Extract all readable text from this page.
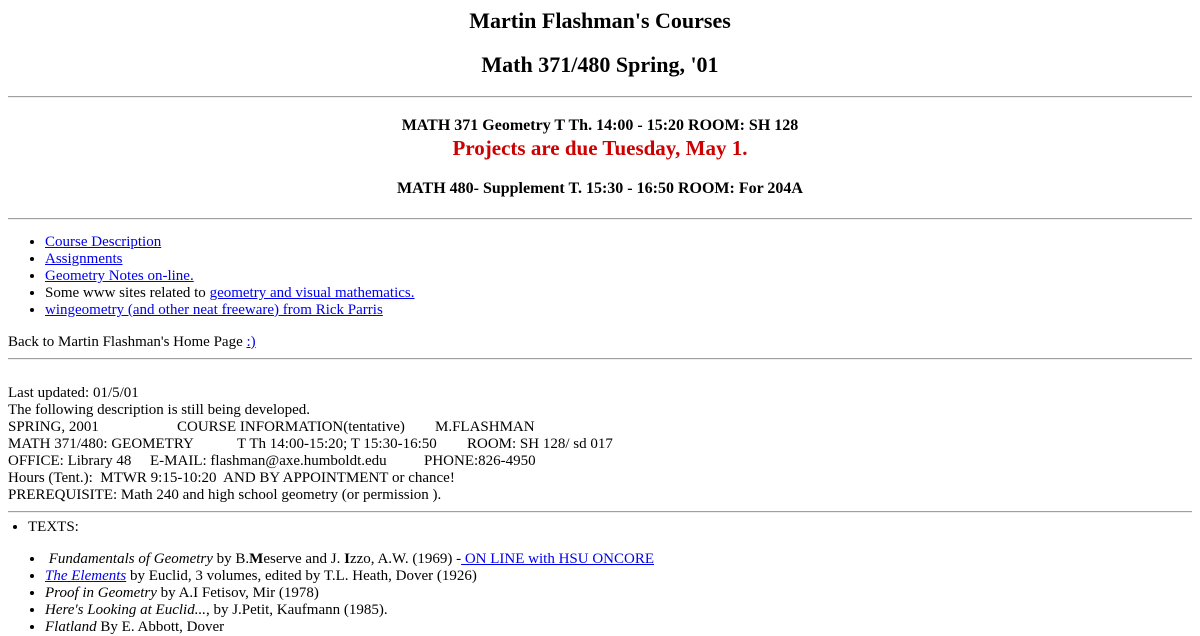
Martin Flashman's Courses
Math 371/480 Spring, '01
MATH 371 Geometry T Th. 14:00 - 15:20 ROOM: SH 128
Projects are due Tuesday, May 1.
MATH 480- Supplement T. 15:30 - 16:50 ROOM: For 204A
• Course Description
• Assignments
• Geometry Notes on-line.
• Some www sites related to geometry and visual mathematics.
• wingeometry (and other neat freeware) from Rick Parris
Back to Martin Flashman's Home Page :)
Last updated: 01/5/01
The following description is still being developed.
SPRING, 2001	COURSE INFORMATION(tentative) M.FLASHMAN
MATH 371/480: GEOMETRY	T Th 14:00-15:20; T 15:30-16:50 ROOM: SH 128/ sd 017
OFFICE: Library 48 E-MAIL: flashman@axe.humboldt.edu PHONE:826-4950
Hours (Tent.):  MTWR 9:15-10:20  AND BY APPOINTMENT or chance!
PREREQUISITE: Math 240 and high school geometry (or permission ).
• TEXTS:
• Fundamentals of Geometry by B.Meserve and J. Izzo, A.W. (1969) - ON LINE with HSU ONCORE
• The Elements by Euclid, 3 volumes, edited by T.L. Heath, Dover (1926)
• Proof in Geometry by A.I Fetisov, Mir (1978)
• Here's Looking at Euclid..., by J.Petit, Kaufmann (1985).
• Flatland By E. Abbott, Dover
